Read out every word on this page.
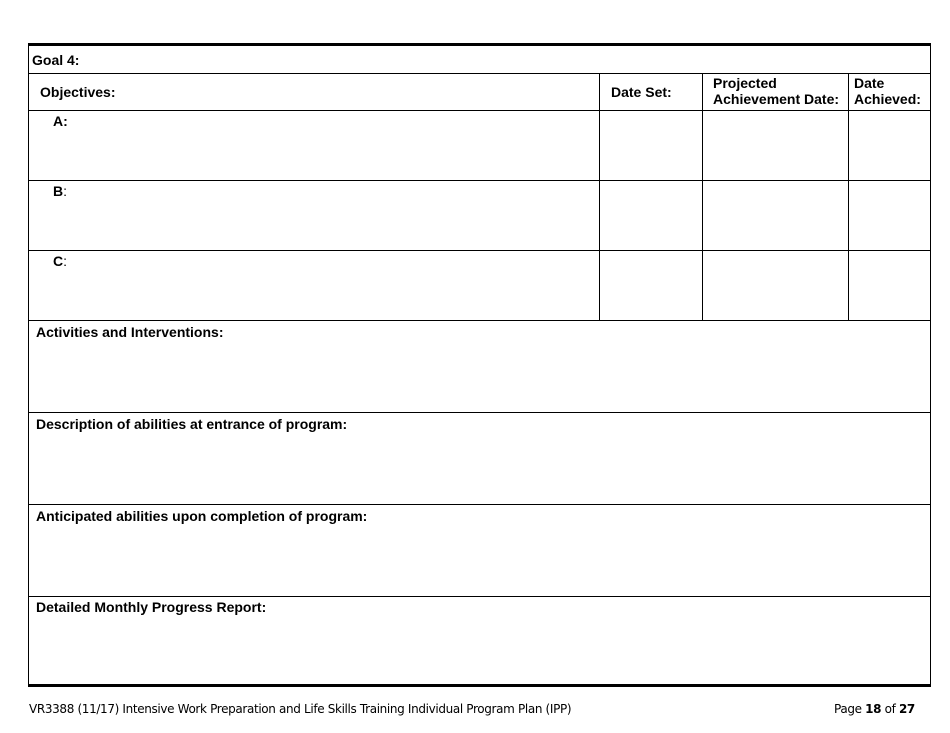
Goal 4:
Objectives:	Date Set:
Projected
Achievement Date:
Date
Achieved:
A:
B:
C:
Activities and Interventions:
Description of abilities at entrance of program:
Anticipated abilities upon completion of program:
Detailed Monthly Progress Report:
VR3388 (11/17) Intensive Work Preparation and Life Skills Training Individual Program Plan (IPP)	Page 18 of 27
